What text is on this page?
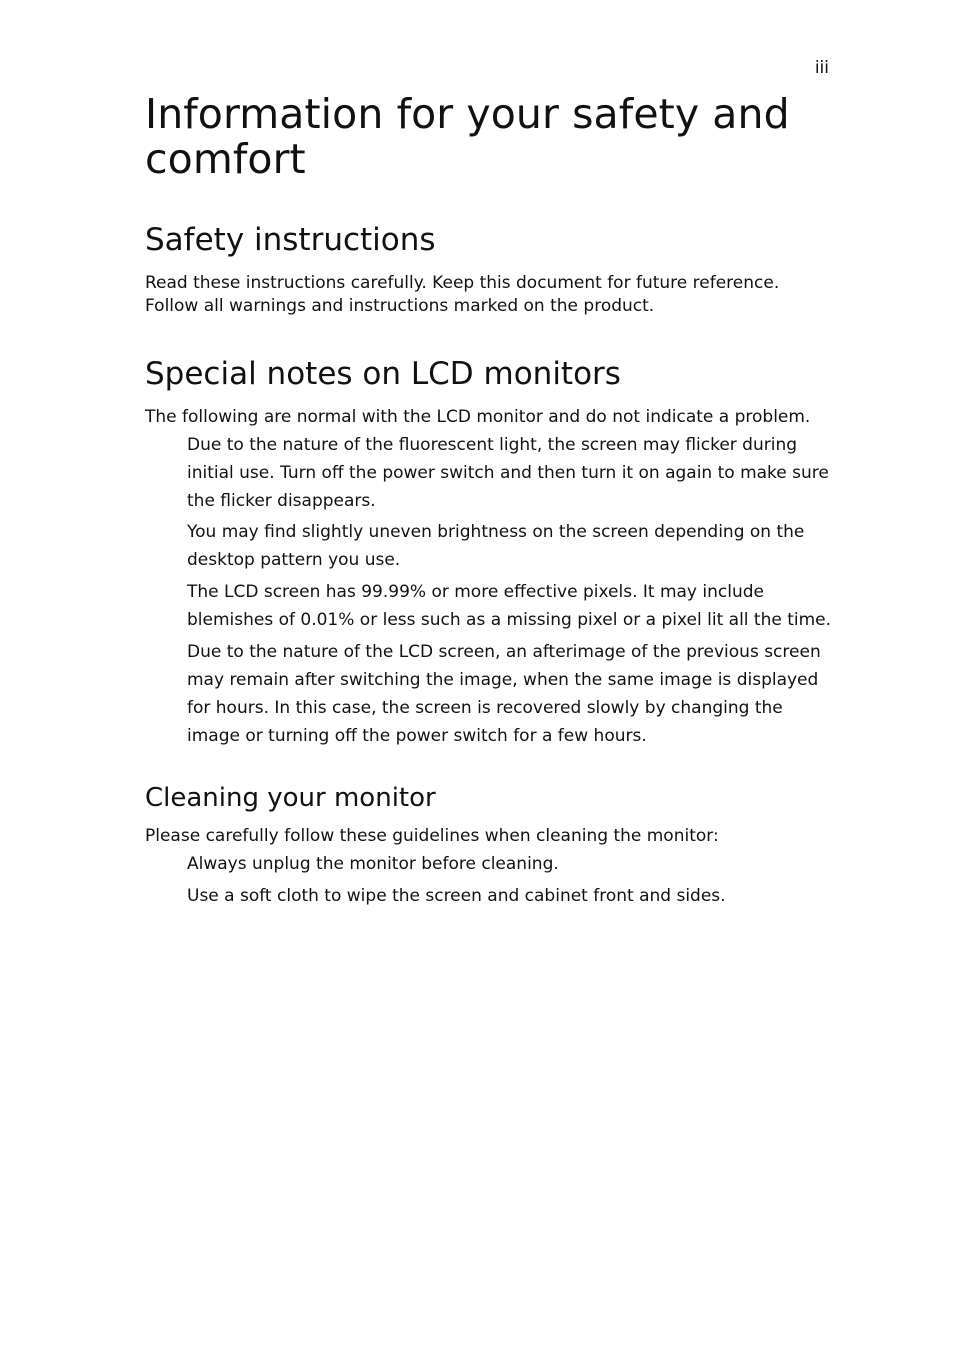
iii
Information for your safety and comfort
Safety instructions

Read these instructions carefully. Keep this document for future reference.
Follow all warnings and instructions marked on the product.

Special notes on LCD monitors

The following are normal with the LCD monitor and do not indicate a problem.

Due to the nature of the fluorescent light, the screen may flicker during initial use. Turn off the power switch and then turn it on again to make sure the flicker disappears.

You may find slightly uneven brightness on the screen depending on the desktop pattern you use.

The LCD screen has 99.99% or more effective pixels. It may include blemishes of 0.01% or less such as a missing pixel or a pixel lit all the time.

Due to the nature of the LCD screen, an afterimage of the previous screen may remain after switching the image, when the same image is displayed for hours. In this case, the screen is recovered slowly by changing the image or turning off the power switch for a few hours.

Cleaning your monitor

Please carefully follow these guidelines when cleaning the monitor:

Always unplug the monitor before cleaning.

Use a soft cloth to wipe the screen and cabinet front and sides.
